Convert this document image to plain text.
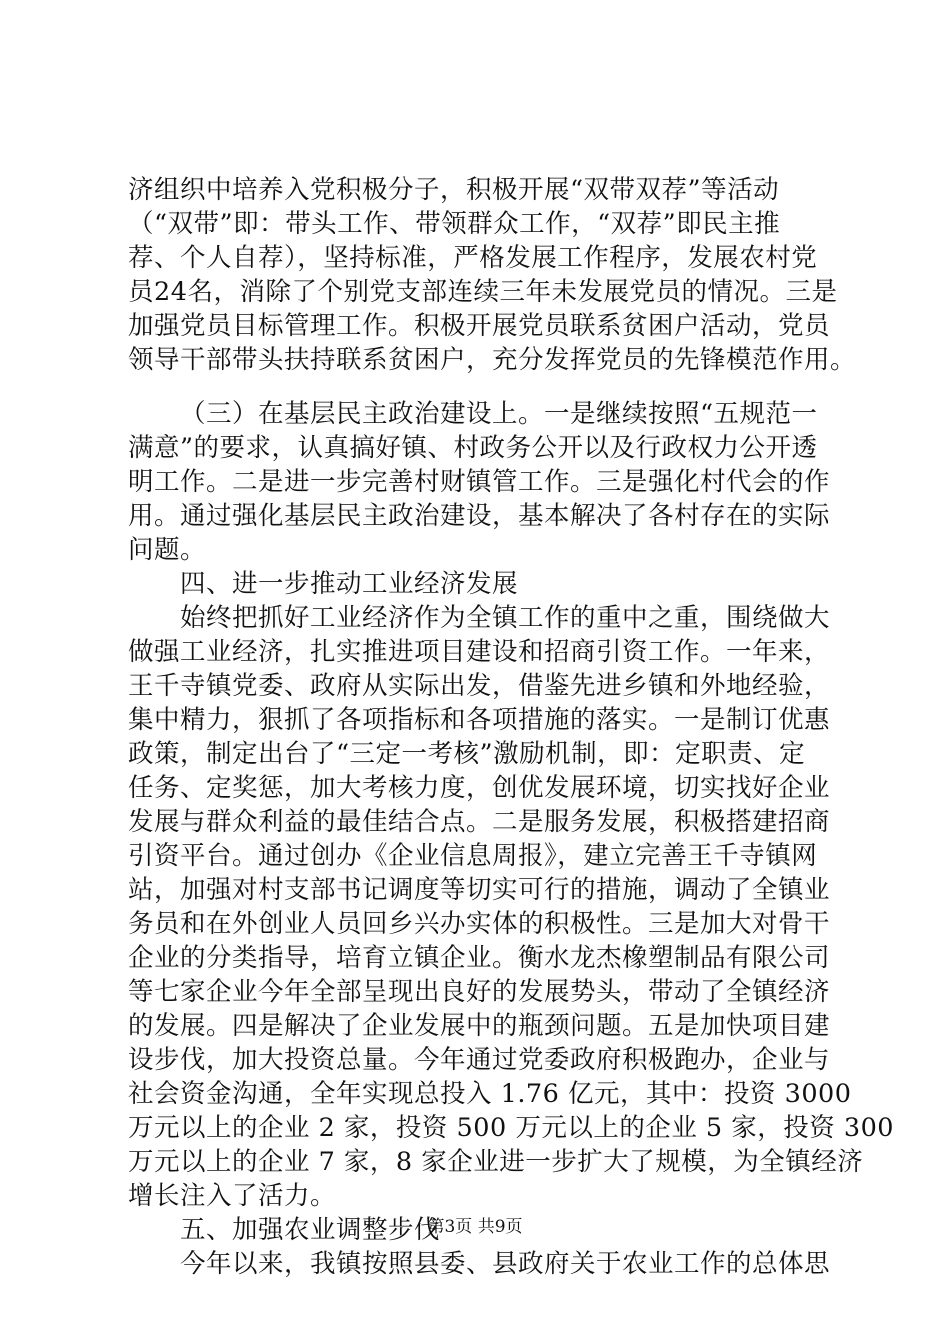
济组织中培养入党积极分子，积极开展“双带双荐”等活动
（“双带”即：带头工作、带领群众工作，“双荐”即民主推
荐、个人自荐），坚持标准，严格发展工作程序，发展农村党
员24名，消除了个别党支部连续三年未发展党员的情况。三是
加强党员目标管理工作。积极开展党员联系贫困户活动，党员
领导干部带头扶持联系贫困户，充分发挥党员的先锋模范作用。
（三）在基层民主政治建设上。一是继续按照“五规范一
满意”的要求，认真搞好镇、村政务公开以及行政权力公开透
明工作。二是进一步完善村财镇管工作。三是强化村代会的作
用。通过强化基层民主政治建设，基本解决了各村存在的实际
问题。
四、进一步推动工业经济发展
始终把抓好工业经济作为全镇工作的重中之重，围绕做大
做强工业经济，扎实推进项目建设和招商引资工作。一年来，
王千寺镇党委、政府从实际出发，借鉴先进乡镇和外地经验，
集中精力，狠抓了各项指标和各项措施的落实。一是制订优惠
政策，制定出台了“三定一考核”激励机制，即：定职责、定
任务、定奖惩，加大考核力度，创优发展环境，切实找好企业
发展与群众利益的最佳结合点。二是服务发展，积极搭建招商
引资平台。通过创办《企业信息周报》，建立完善王千寺镇网
站，加强对村支部书记调度等切实可行的措施，调动了全镇业
务员和在外创业人员回乡兴办实体的积极性。三是加大对骨干
企业的分类指导，培育立镇企业。衡水龙杰橡塑制品有限公司
等七家企业今年全部呈现出良好的发展势头，带动了全镇经济
的发展。四是解决了企业发展中的瓶颈问题。五是加快项目建
设步伐，加大投资总量。今年通过党委政府积极跑办，企业与
社会资金沟通，全年实现总投入 1.76 亿元，其中：投资 3000
万元以上的企业 2 家，投资 500 万元以上的企业 5 家，投资 300
万元以上的企业 7 家，8 家企业进一步扩大了规模，为全镇经济
增长注入了活力。
五、加强农业调整步伐
今年以来，我镇按照县委、县政府关于农业工作的总体思
第3页 共9页
